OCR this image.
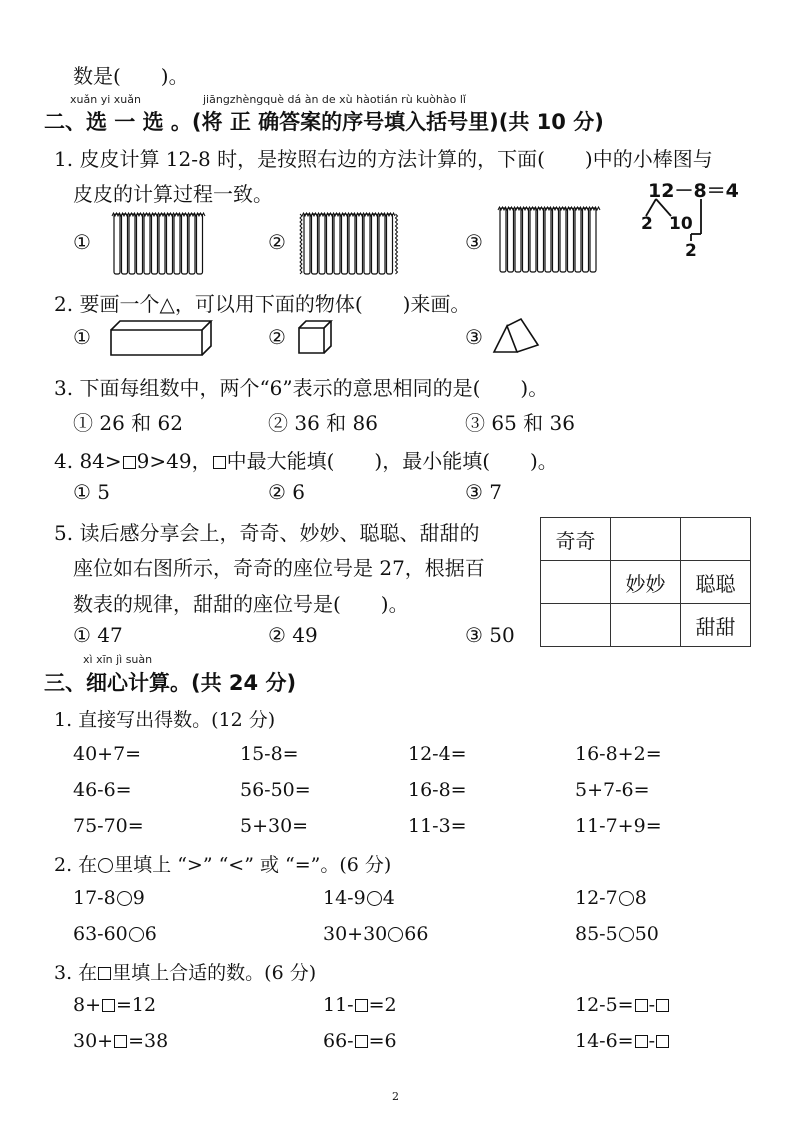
数是(　　)。
xuǎn yi xuǎn	jiāngzhèngquè dá àn de xù hàotián rù kuòhào lǐ
二、选 一 选 。(将 正 确答案的序号填入括号里)(共 10 分)
1. 皮皮计算 12-8 时，是按照右边的方法计算的，下面(　　)中的小棒图与
皮皮的计算过程一致。	12－8＝4
2 10
2
①	②	③
2. 要画一个△，可以用下面的物体(　　)来画。
①	②	③
3. 下面每组数中，两个“6”表示的意思相同的是(　　)。
① 26 和 62	② 36 和 86	③ 65 和 36
4. 84> 9>49， 中最大能填(　　)，最小能填(　　)。
① 5	② 6	③ 7
5. 读后感分享会上，奇奇、妙妙、聪聪、甜甜的
座位如右图所示，奇奇的座位号是 27，根据百
数表的规律，甜甜的座位号是(　　)。
① 47	② 49	③ 50
奇奇		
	妙妙	聪聪
		甜甜
xì xīn jì suàn
三、细心计算。(共 24 分)
1. 直接写出得数。(12 分)
40+7=	15-8=	12-4=	16-8+2=
46-6=	56-50=	16-8=	5+7-6=
75-70=	5+30=	11-3=	11-7+9=
2. 在 里填上 “>” “<” 或 “=”。(6 分)
17-8 9	14-9 4	12-7 8
63-60 6	30+30 66	85-5 50
3. 在 里填上合适的数。(6 分)
8+ =12	11- =2	12-5= -
30+ =38	66- =6	14-6= -
2
